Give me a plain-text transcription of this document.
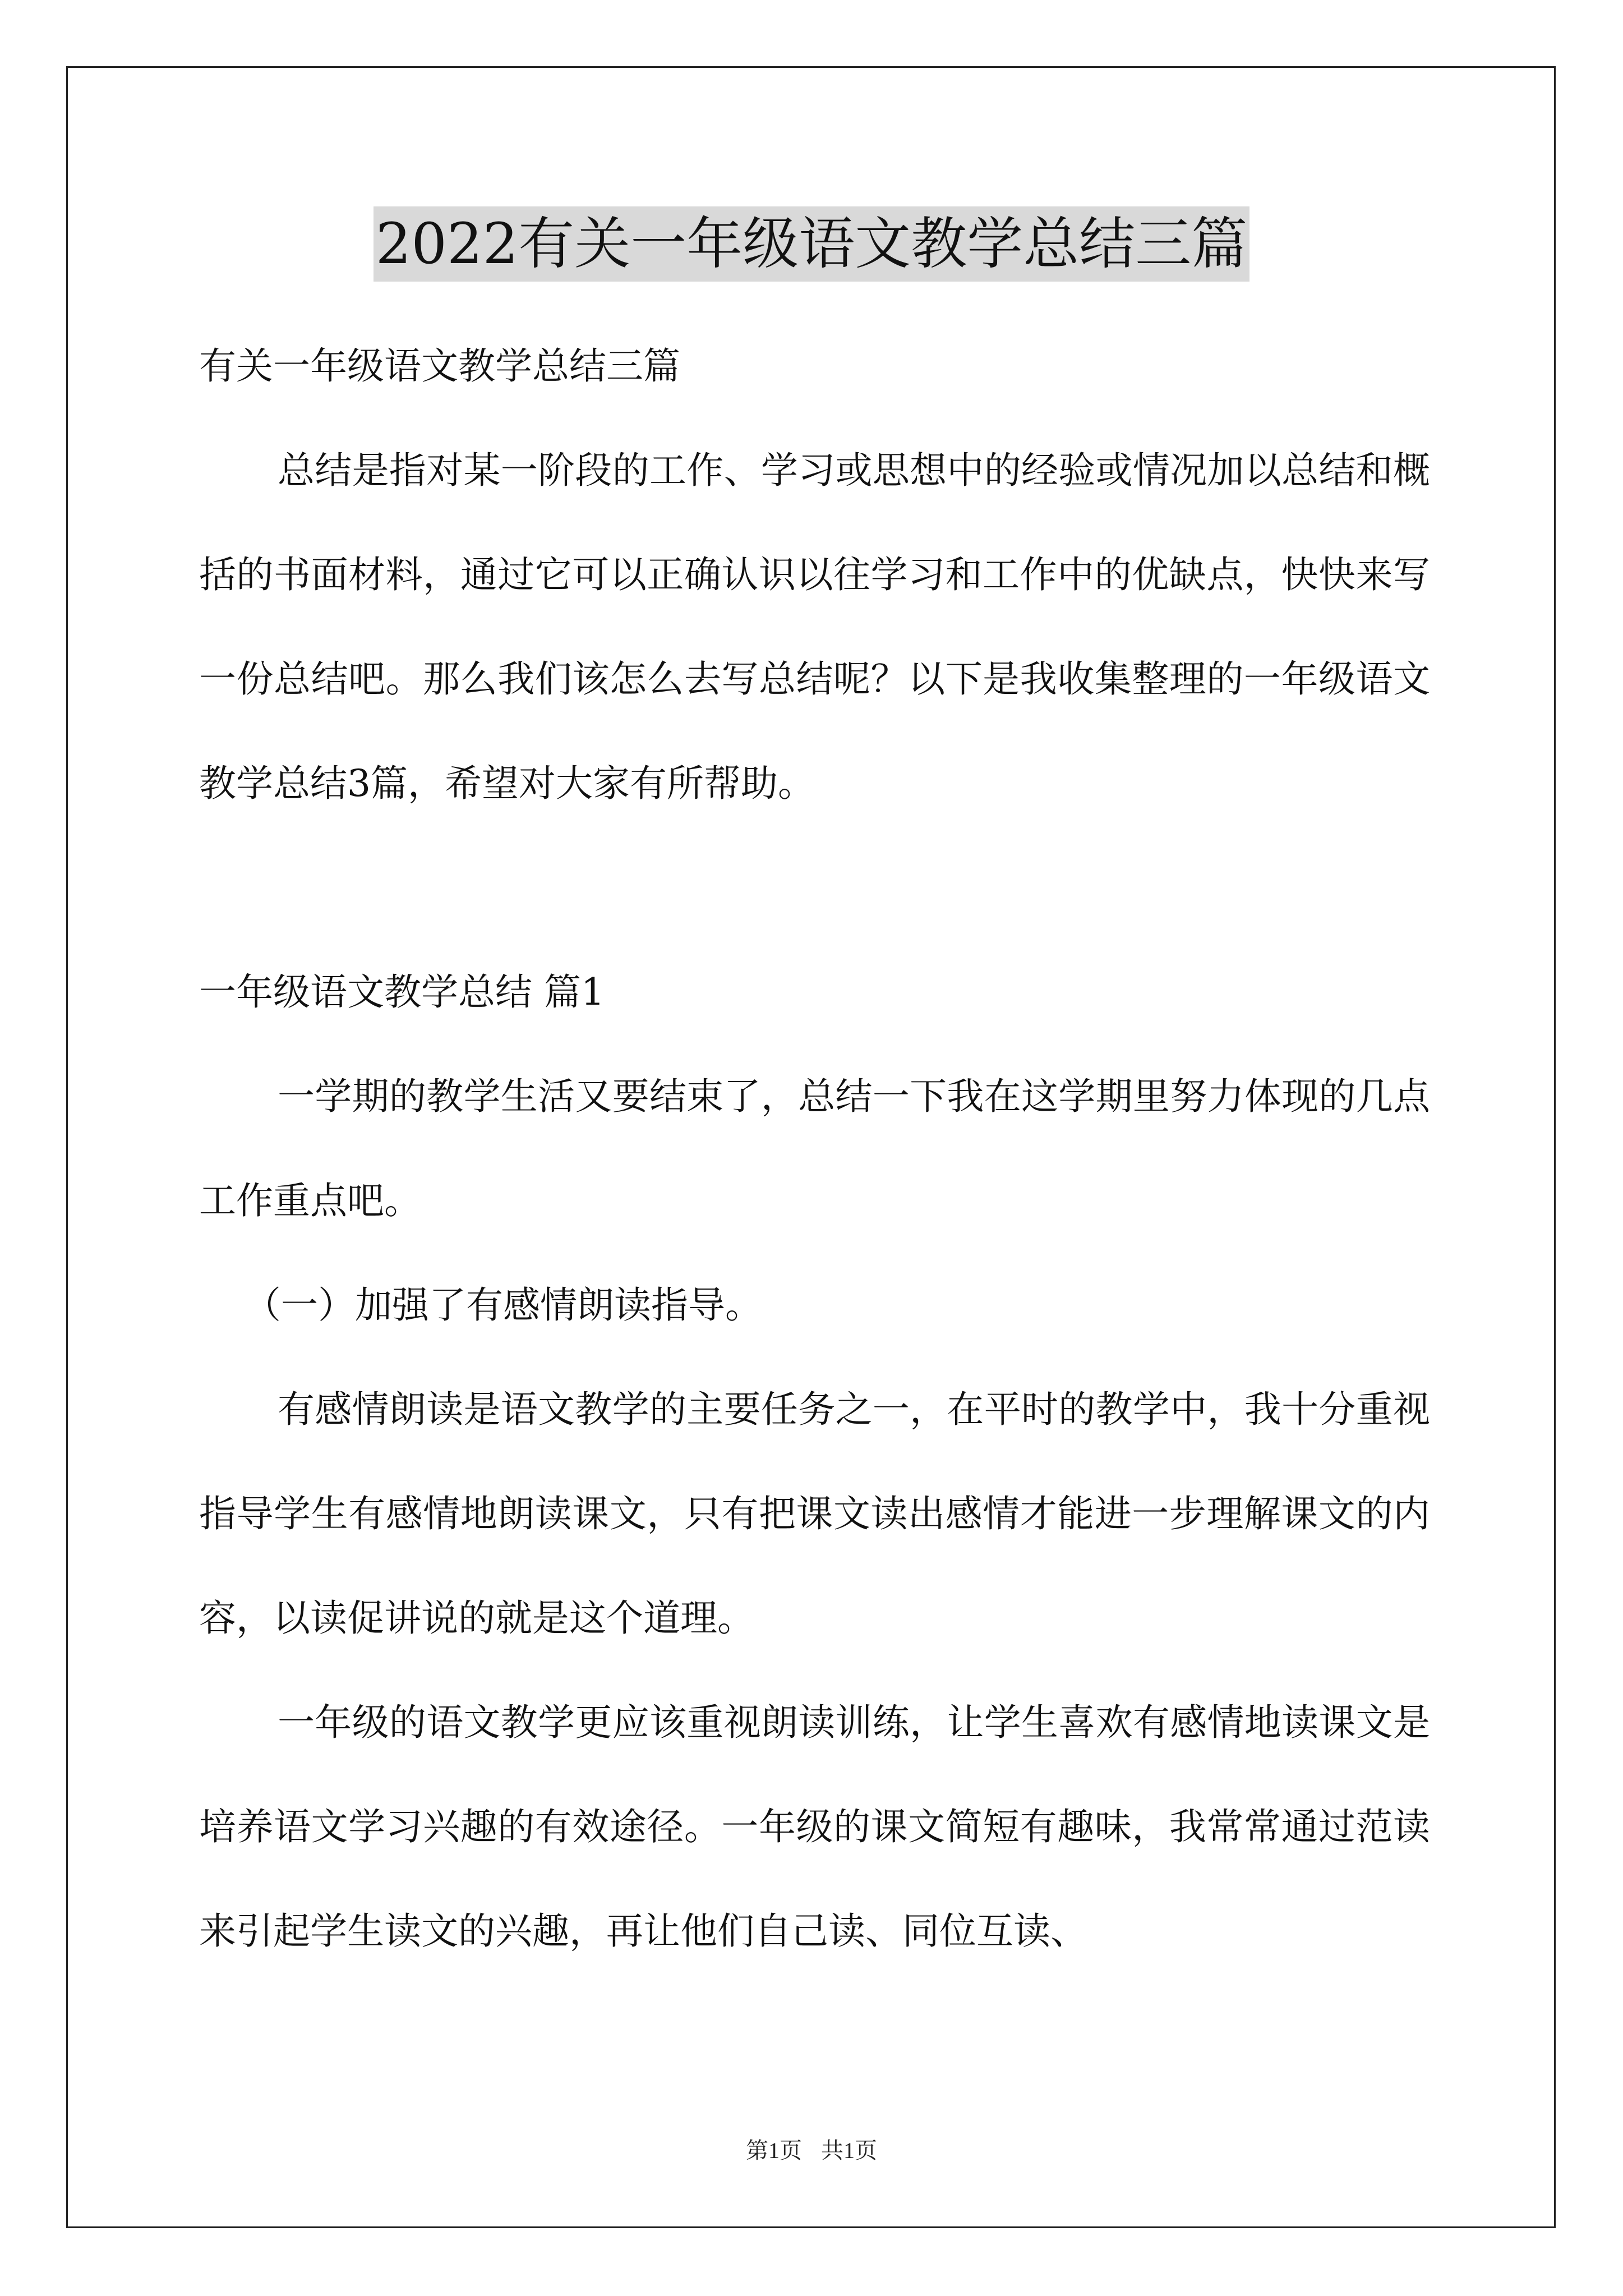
2022有关一年级语文教学总结三篇

有关一年级语文教学总结三篇

总结是指对某一阶段的工作、学习或思想中的经验或情况加以总结和概括的书面材料，通过它可以正确认识以往学习和工作中的优缺点，快快来写一份总结吧。那么我们该怎么去写总结呢？以下是我收集整理的一年级语文教学总结3篇，希望对大家有所帮助。

一年级语文教学总结 篇1

一学期的教学生活又要结束了，总结一下我在这学期里努力体现的几点工作重点吧。

（一）加强了有感情朗读指导。

有感情朗读是语文教学的主要任务之一，在平时的教学中，我十分重视指导学生有感情地朗读课文，只有把课文读出感情才能进一步理解课文的内容，以读促讲说的就是这个道理。

一年级的语文教学更应该重视朗读训练，让学生喜欢有感情地读课文是培养语文学习兴趣的有效途径。一年级的课文简短有趣味，我常常通过范读来引起学生读文的兴趣，再让他们自己读、同位互读、

第1页 共1页
